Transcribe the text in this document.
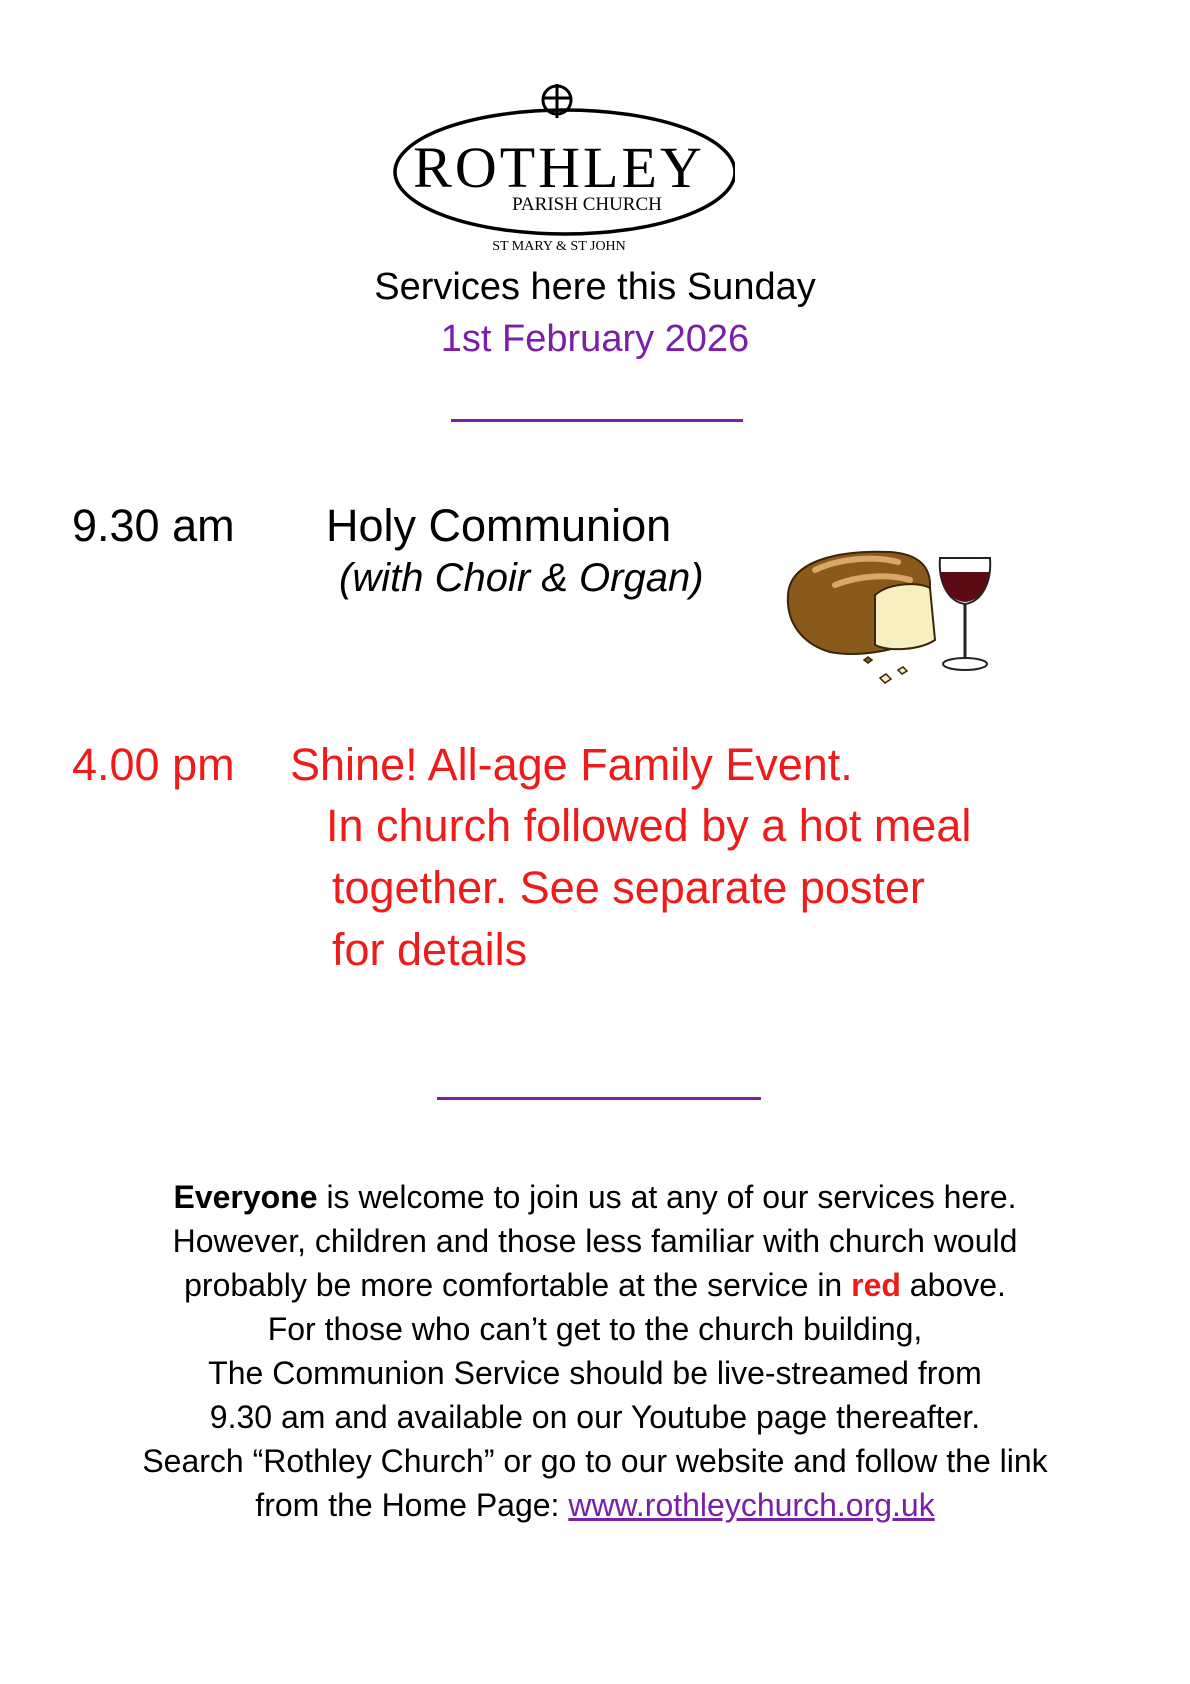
ROTHLEY
PARISH CHURCH
ST MARY & ST JOHN
Services here this Sunday
1st February 2026
9.30 am Holy Communion
(with Choir & Organ)
4.00 pm Shine! All-age Family Event.
In church followed by a hot meal
together. See separate poster
for details
Everyone is welcome to join us at any of our services here.
However, children and those less familiar with church would
probably be more comfortable at the service in red above.
For those who can’t get to the church building,
The Communion Service should be live-streamed from
9.30 am and available on our Youtube page thereafter.
Search “Rothley Church” or go to our website and follow the link
from the Home Page: www.rothleychurch.org.uk
